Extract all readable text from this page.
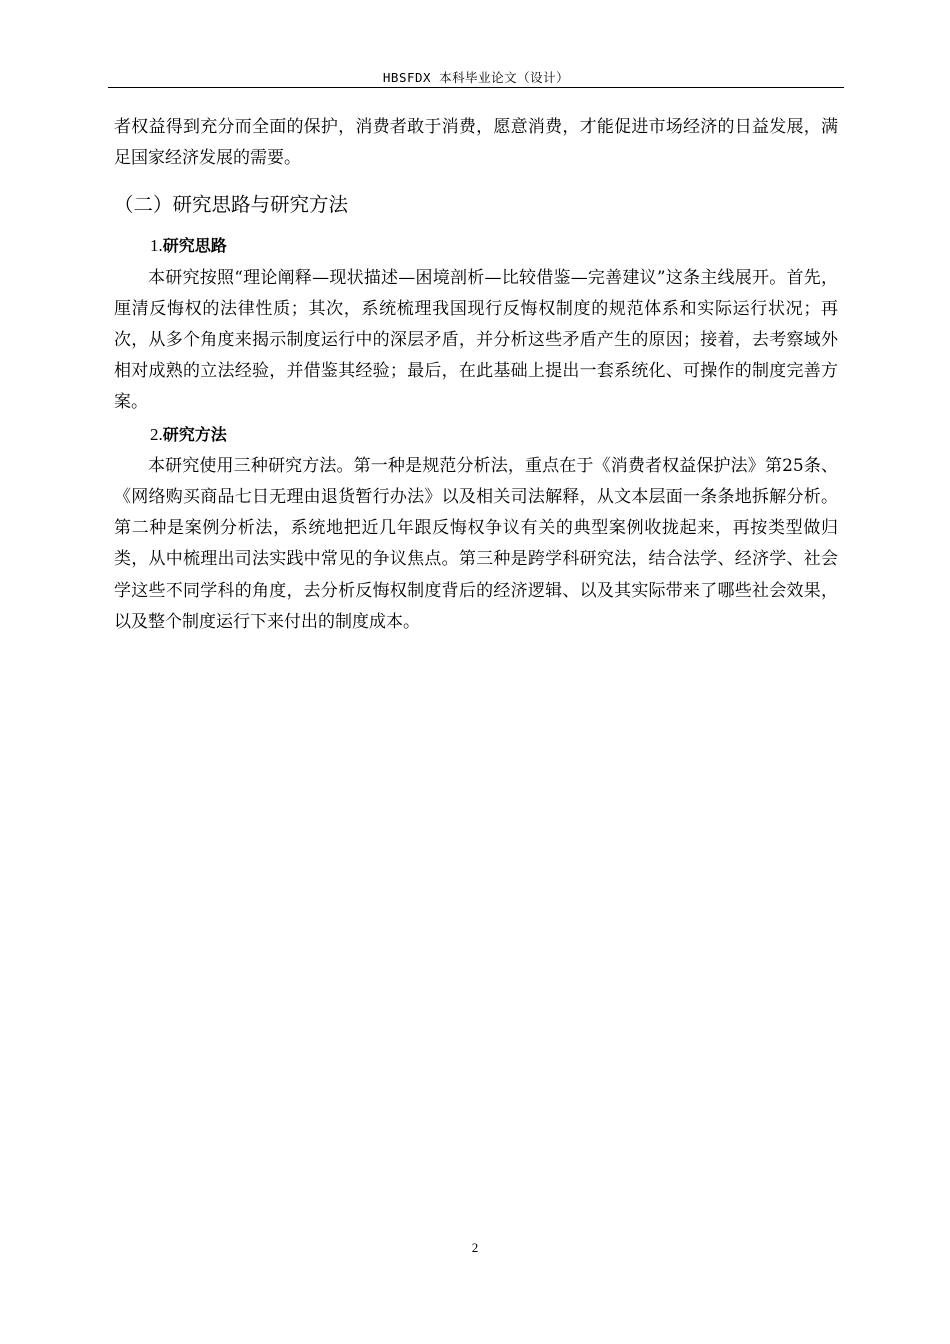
HBSFDX 本科毕业论文（设计）

者权益得到充分而全面的保护，消费者敢于消费，愿意消费，才能促进市场经济的日益发展，满足国家经济发展的需要。

（二）研究思路与研究方法

1.研究思路

本研究按照“理论阐释—现状描述—困境剖析—比较借鉴—完善建议”这条主线展开。首先，厘清反悔权的法律性质；其次，系统梳理我国现行反悔权制度的规范体系和实际运行状况；再次，从多个角度来揭示制度运行中的深层矛盾，并分析这些矛盾产生的原因；接着，去考察域外相对成熟的立法经验，并借鉴其经验；最后，在此基础上提出一套系统化、可操作的制度完善方案。

2.研究方法

本研究使用三种研究方法。第一种是规范分析法，重点在于《消费者权益保护法》第25条、《网络购买商品七日无理由退货暂行办法》以及相关司法解释，从文本层面一条条地拆解分析。第二种是案例分析法，系统地把近几年跟反悔权争议有关的典型案例收拢起来，再按类型做归类，从中梳理出司法实践中常见的争议焦点。第三种是跨学科研究法，结合法学、经济学、社会学这些不同学科的角度，去分析反悔权制度背后的经济逻辑、以及其实际带来了哪些社会效果，以及整个制度运行下来付出的制度成本。

2
